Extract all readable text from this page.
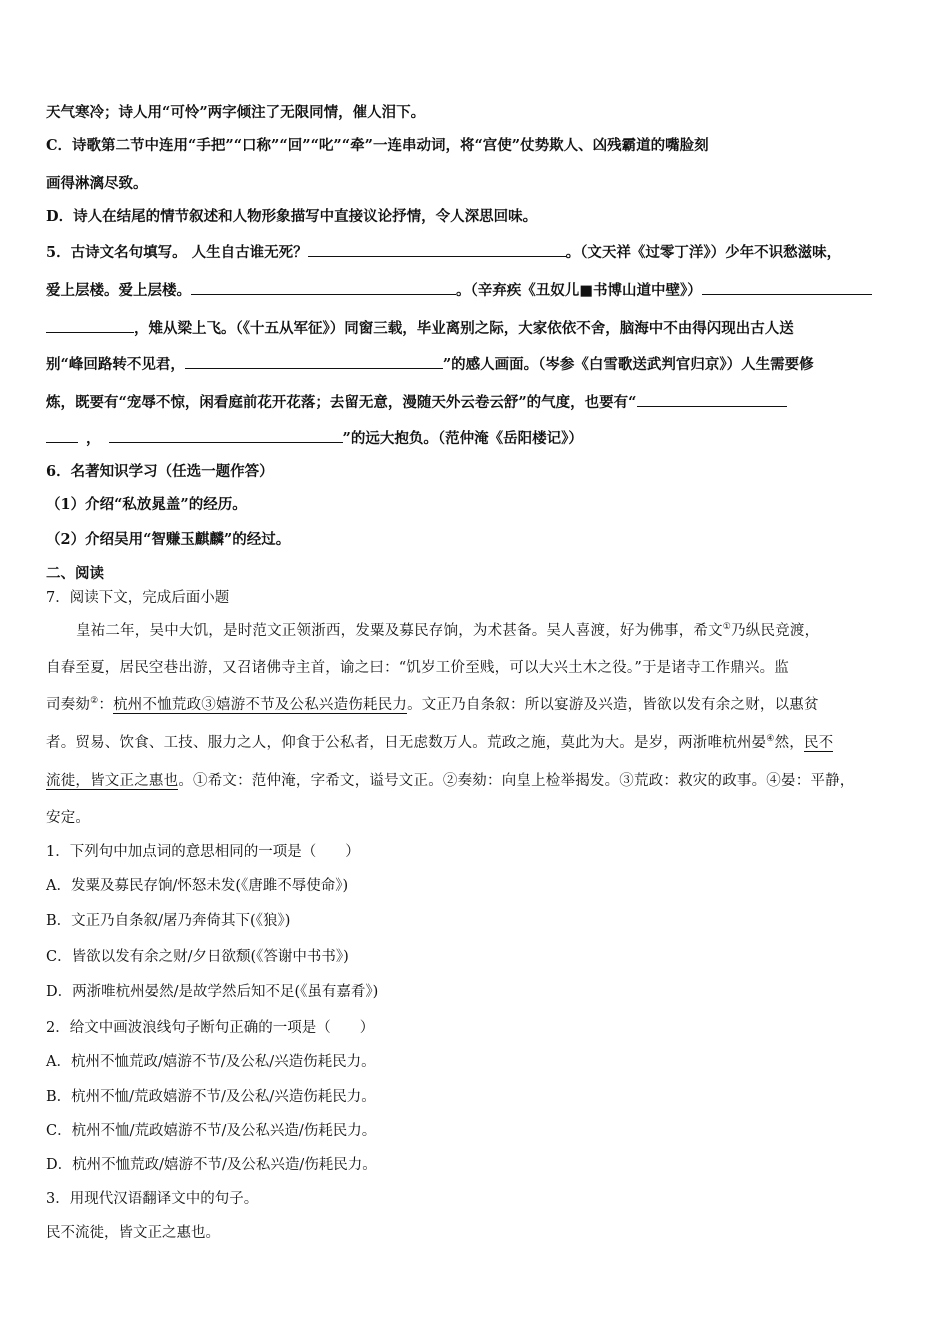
天气寒冷；诗人用“可怜”两字倾注了无限同情，催人泪下。
C．诗歌第二节中连用“手把”“口称”“回”“叱”“牵”一连串动词，将“宫使”仗势欺人、凶残霸道的嘴脸刻
画得淋漓尽致。
D．诗人在结尾的情节叙述和人物形象描写中直接议论抒情，令人深思回味。
5．古诗文名句填写。 人生自古谁无死？	。（文天祥《过零丁洋》）少年不识愁滋味，
爱上层楼。爱上层楼。	。（辛弃疾《丑奴儿■书博山道中壁》）
，雉从梁上飞。（《十五从军征》）同窗三载，毕业离别之际，大家依依不舍，脑海中不由得闪现出古人送
别“峰回路转不见君，	”的感人画面。（岑参《白雪歌送武判官归京》）人生需要修
炼，既要有“宠辱不惊，闲看庭前花开花落；去留无意，漫随天外云卷云舒”的气度，也要有“
，	”的远大抱负。（范仲淹《岳阳楼记》）
6．名著知识学习（任选一题作答）
（1）介绍“私放晁盖”的经历。
（2）介绍吴用“智赚玉麒麟”的经过。
二、阅读
7．阅读下文，完成后面小题
皇祐二年，吴中大饥，是时范文正领浙西，发粟及募民存饷，为术甚备。吴人喜渡，好为佛事，希文①乃纵民竞渡，
自春至夏，居民空巷出游，又召诸佛寺主首，谕之曰：“饥岁工价至贱，可以大兴土木之役。”于是诸寺工作鼎兴。监
司奏劾②：杭州不恤荒政③嬉游不节及公私兴造伤耗民力。文正乃自条叙：所以宴游及兴造，皆欲以发有余之财，以惠贫
者。贸易、饮食、工技、服力之人，仰食于公私者，日无虑数万人。荒政之施，莫此为大。是岁，两浙唯杭州晏④然，民不
流徙，皆文正之惠也。①希文：范仲淹，字希文，谥号文正。②奏劾：向皇上检举揭发。③荒政：救灾的政事。④晏：平静，
安定。
1．下列句中加点词的意思相同的一项是（　　）
A．发粟及募民存饷/怀怒未发(《唐雎不辱使命》)
B．文正乃自条叙/屠乃奔倚其下(《狼》)
C．皆欲以发有余之财/夕日欲颓(《答谢中书书》)
D．两浙唯杭州晏然/是故学然后知不足(《虽有嘉肴》)
2．给文中画波浪线句子断句正确的一项是（　　）
A．杭州不恤荒政/嬉游不节/及公私/兴造伤耗民力。
B．杭州不恤/荒政嬉游不节/及公私/兴造伤耗民力。
C．杭州不恤/荒政嬉游不节/及公私兴造/伤耗民力。
D．杭州不恤荒政/嬉游不节/及公私兴造/伤耗民力。
3．用现代汉语翻译文中的句子。
民不流徙，皆文正之惠也。
